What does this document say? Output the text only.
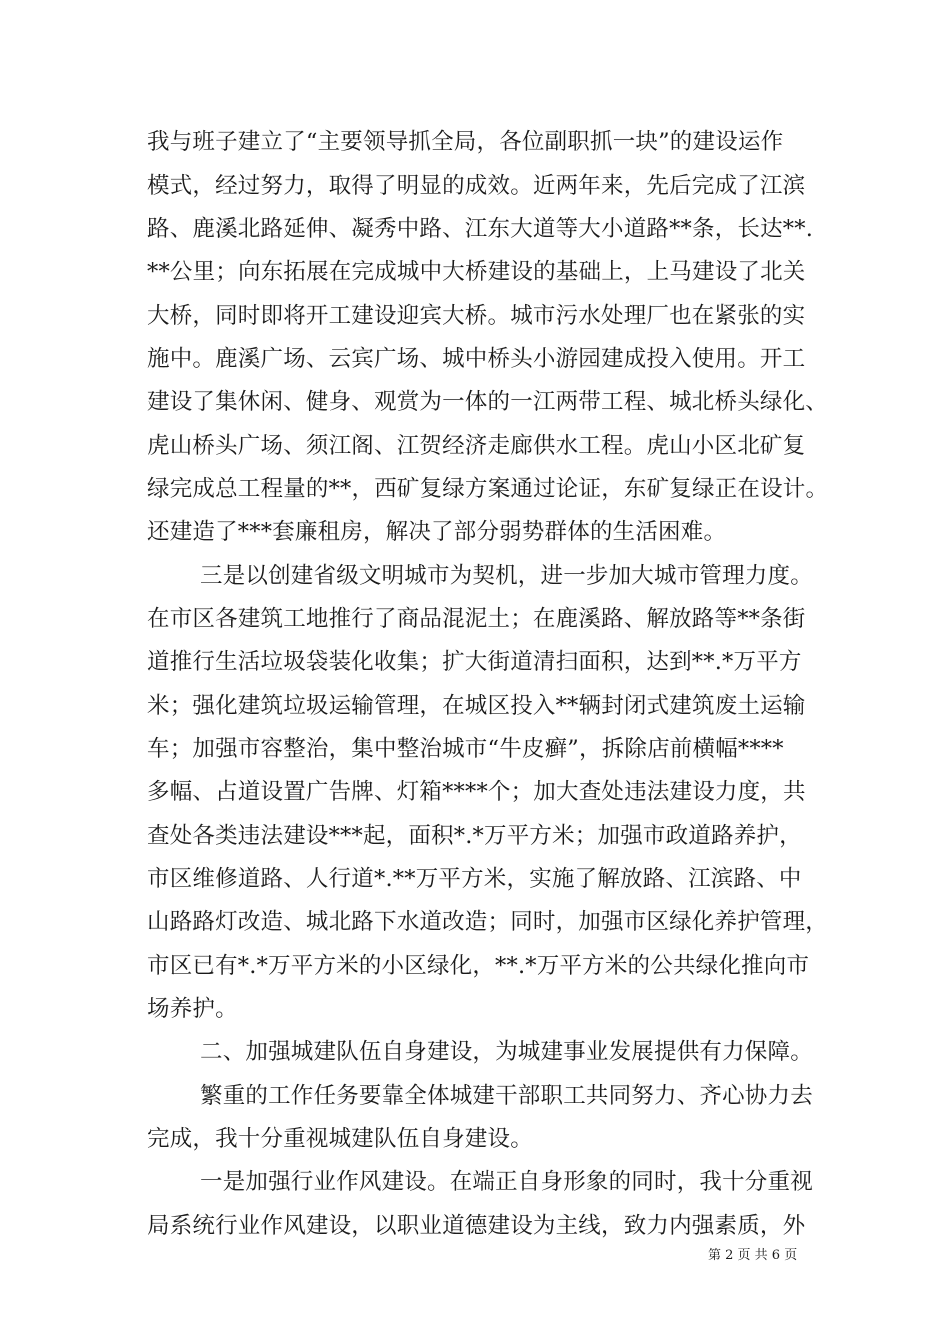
我与班子建立了“主要领导抓全局，各位副职抓一块”的建设运作
模式，经过努力，取得了明显的成效。近两年来，先后完成了江滨
路、鹿溪北路延伸、凝秀中路、江东大道等大小道路**条，长达**.
**公里；向东拓展在完成城中大桥建设的基础上，上马建设了北关
大桥，同时即将开工建设迎宾大桥。城市污水处理厂也在紧张的实
施中。鹿溪广场、云宾广场、城中桥头小游园建成投入使用。开工
建设了集休闲、健身、观赏为一体的一江两带工程、城北桥头绿化、
虎山桥头广场、须江阁、江贺经济走廊供水工程。虎山小区北矿复
绿完成总工程量的**，西矿复绿方案通过论证，东矿复绿正在设计。
还建造了***套廉租房，解决了部分弱势群体的生活困难。
三是以创建省级文明城市为契机，进一步加大城市管理力度。
在市区各建筑工地推行了商品混泥土；在鹿溪路、解放路等**条街
道推行生活垃圾袋装化收集；扩大街道清扫面积，达到**.*万平方
米；强化建筑垃圾运输管理，在城区投入**辆封闭式建筑废土运输
车；加强市容整治，集中整治城市“牛皮癣”，拆除店前横幅****
多幅、占道设置广告牌、灯箱****个；加大查处违法建设力度，共
查处各类违法建设***起，面积*.*万平方米；加强市政道路养护，
市区维修道路、人行道*.**万平方米，实施了解放路、江滨路、中
山路路灯改造、城北路下水道改造；同时，加强市区绿化养护管理，
市区已有*.*万平方米的小区绿化，**.*万平方米的公共绿化推向市
场养护。
二、加强城建队伍自身建设，为城建事业发展提供有力保障。
繁重的工作任务要靠全体城建干部职工共同努力、齐心协力去
完成，我十分重视城建队伍自身建设。
一是加强行业作风建设。在端正自身形象的同时，我十分重视
局系统行业作风建设，以职业道德建设为主线，致力内强素质，外
第 2 页 共 6 页
